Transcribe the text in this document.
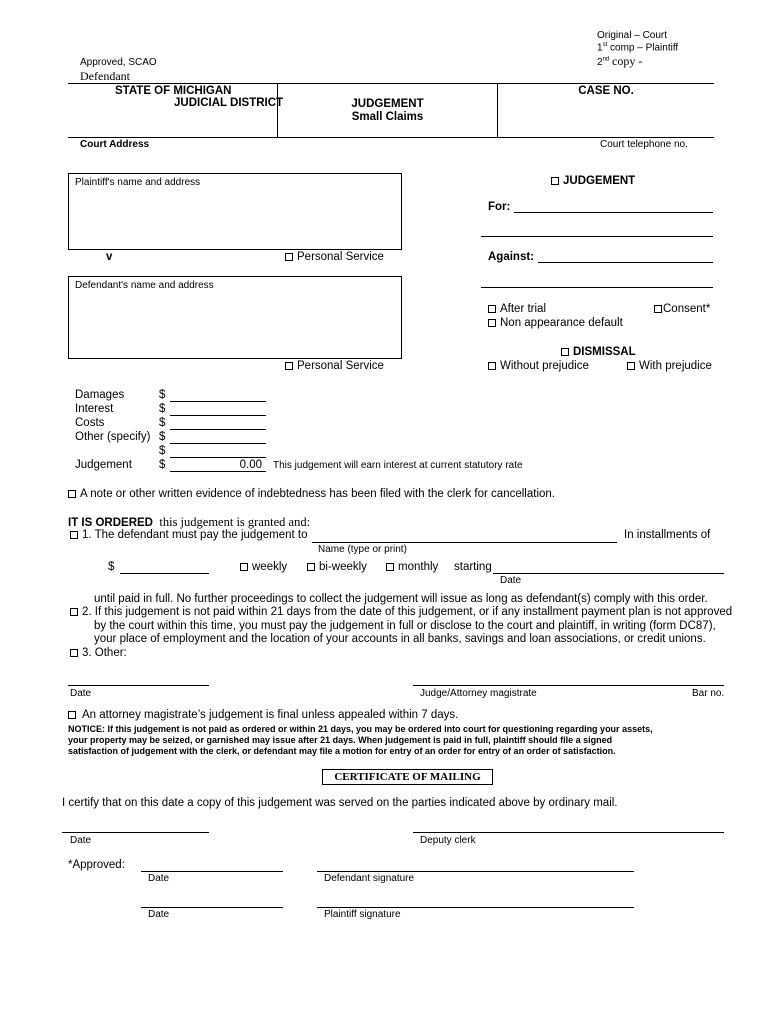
Original – Court
1st comp – Plaintiff
2nd copy -
Approved, SCAO
Defendant
STATE OF MICHIGAN
JUDICIAL DISTRICT	JUDGEMENT
Small Claims
CASE NO.
Court Address	Court telephone no.
Plaintiff's name and address
v	Personal Service
Defendant's name and address
Personal Service
JUDGEMENT
For:
Against:
After trial	Consent*
Non appearance default
DISMISSAL
Without prejudice	With prejudice
Damages	$
Interest	$
Costs	$
Other (specify) $
$
Judgement $	0.00 This judgement will earn interest at current statutory rate
A note or other written evidence of indebtedness has been filed with the clerk for cancellation.
IT IS ORDERED this judgement is granted and:
1. The defendant must pay the judgement to	In installments of
Name (type or print)
$	weekly	bi-weekly	monthly starting
Date
until paid in full. No further proceedings to collect the judgement will issue as long as defendant(s) comply with this order.
2. If this judgement is not paid within 21 days from the date of this judgement, or if any installment payment plan is not approved
by the court within this time, you must pay the judgement in full or disclose to the court and plaintiff, in writing (form DC87),
your place of employment and the location of your accounts in all banks, savings and loan associations, or credit unions.
3. Other:
Date	Judge/Attorney magistrate	Bar no.
An attorney magistrate’s judgement is final unless appealed within 7 days.
NOTICE: If this judgement is not paid as ordered or within 21 days, you may be ordered into court for questioning regarding your assets,
your property may be seized, or garnished may issue after 21 days. When judgement is paid in full, plaintiff should file a signed
satisfaction of judgement with the clerk, or defendant may file a motion for entry of an order for entry of an order of satisfaction.
CERTIFICATE OF MAILING
I certify that on this date a copy of this judgement was served on the parties indicated above by ordinary mail.
Date	Deputy clerk
*Approved:
Date	Defendant signature
Date	Plaintiff signature
